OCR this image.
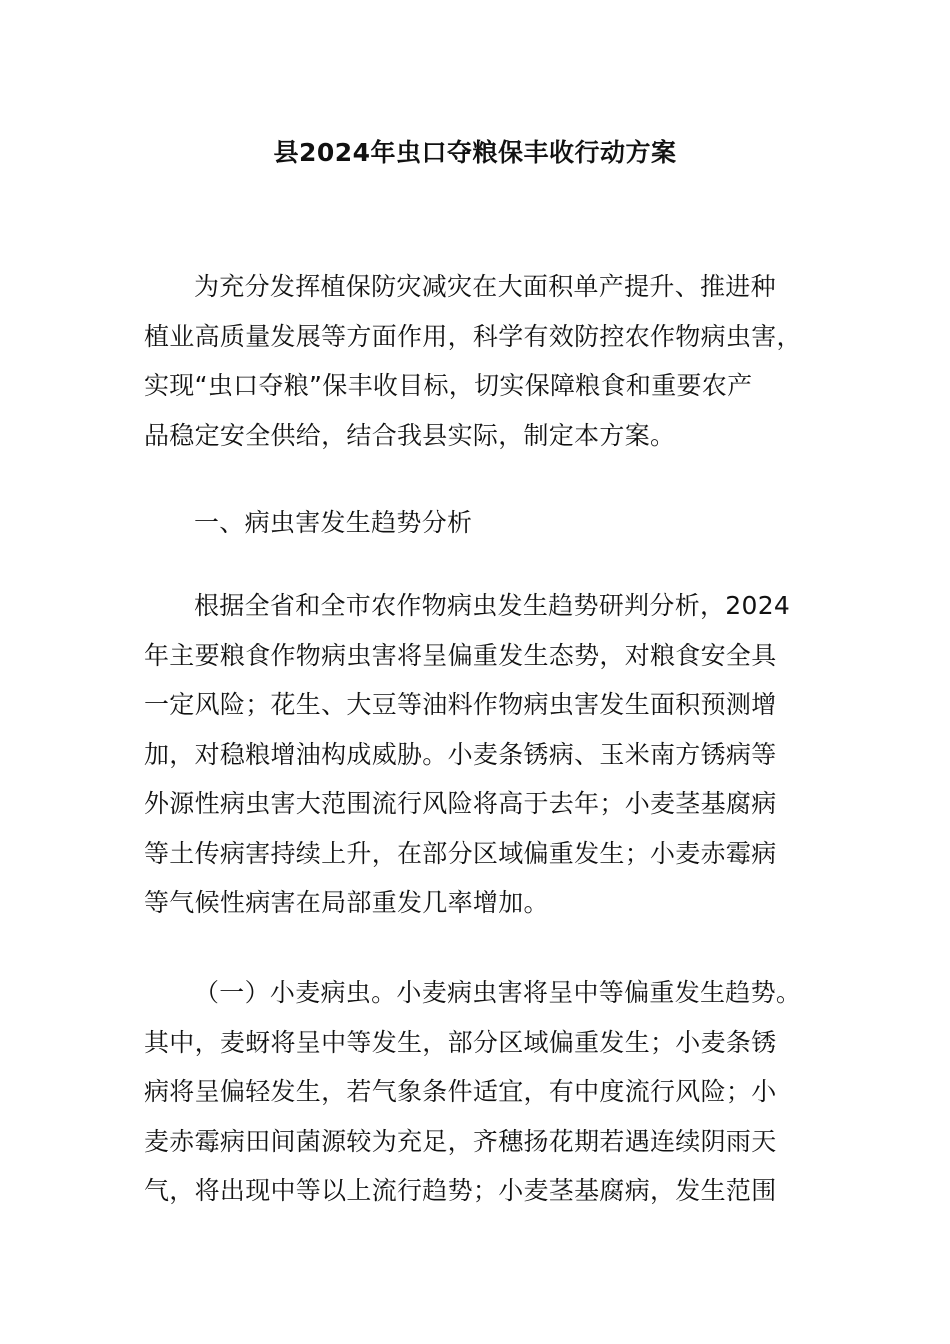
县2024年虫口夺粮保丰收行动方案
为充分发挥植保防灾减灾在大面积单产提升、推进种
植业高质量发展等方面作用，科学有效防控农作物病虫害，
实现“虫口夺粮”保丰收目标，切实保障粮食和重要农产
品稳定安全供给，结合我县实际，制定本方案。
一、病虫害发生趋势分析
根据全省和全市农作物病虫发生趋势研判分析，2024
年主要粮食作物病虫害将呈偏重发生态势，对粮食安全具
一定风险；花生、大豆等油料作物病虫害发生面积预测增
加，对稳粮增油构成威胁。小麦条锈病、玉米南方锈病等
外源性病虫害大范围流行风险将高于去年；小麦茎基腐病
等土传病害持续上升，在部分区域偏重发生；小麦赤霉病
等气候性病害在局部重发几率增加。
（一）小麦病虫。小麦病虫害将呈中等偏重发生趋势。
其中，麦蚜将呈中等发生，部分区域偏重发生；小麦条锈
病将呈偏轻发生，若气象条件适宜，有中度流行风险；小
麦赤霉病田间菌源较为充足，齐穗扬花期若遇连续阴雨天
气，将出现中等以上流行趋势；小麦茎基腐病，发生范围
